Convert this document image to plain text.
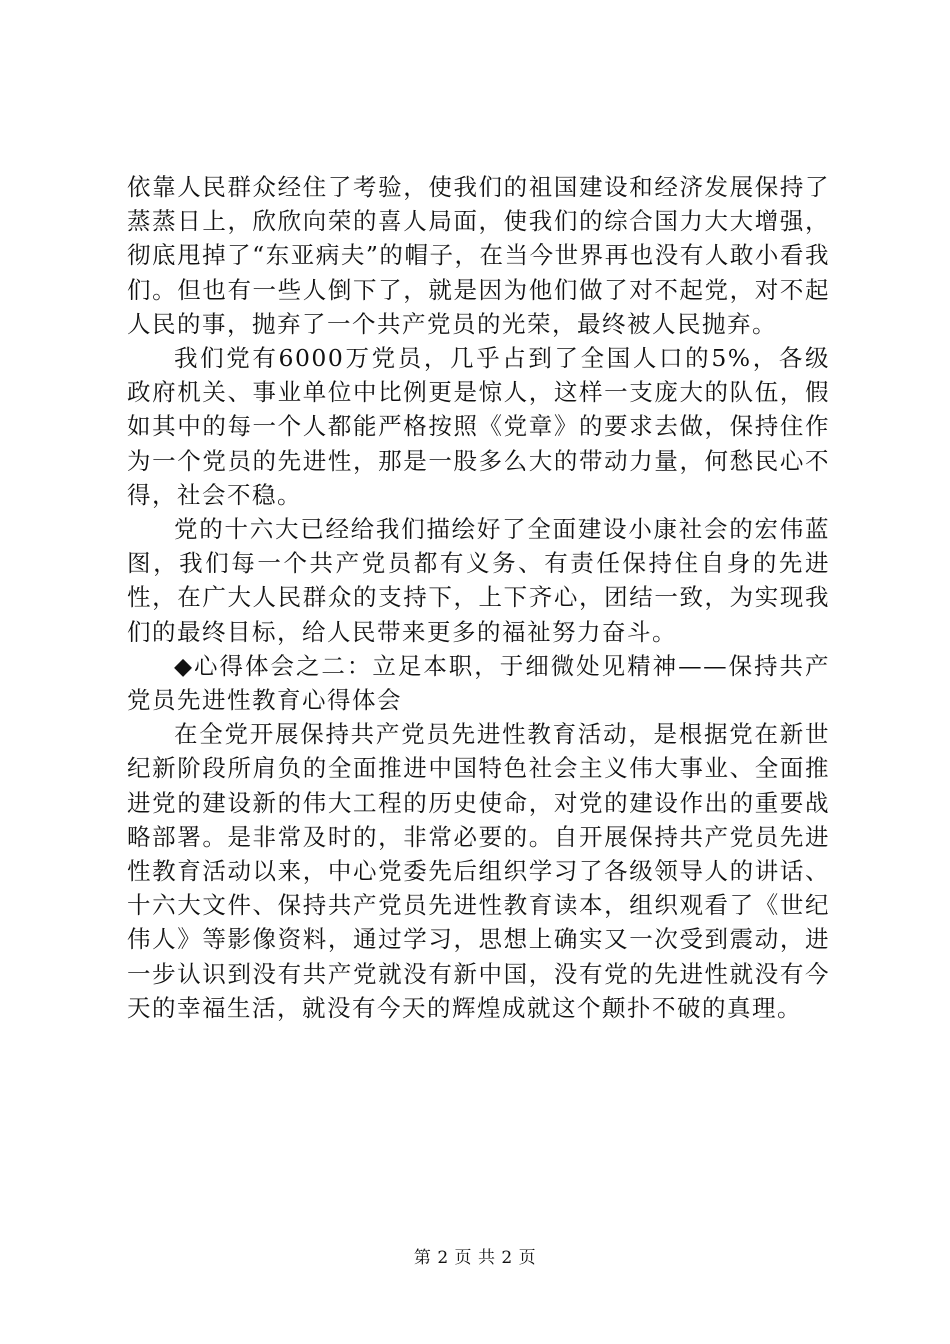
依靠人民群众经住了考验，使我们的祖国建设和经济发展保持了蒸蒸日上，欣欣向荣的喜人局面，使我们的综合国力大大增强，彻底甩掉了“东亚病夫”的帽子，在当今世界再也没有人敢小看我们。但也有一些人倒下了，就是因为他们做了对不起党，对不起人民的事，抛弃了一个共产党员的光荣，最终被人民抛弃。

我们党有6000万党员，几乎占到了全国人口的5%，各级政府机关、事业单位中比例更是惊人，这样一支庞大的队伍，假如其中的每一个人都能严格按照《党章》的要求去做，保持住作为一个党员的先进性，那是一股多么大的带动力量，何愁民心不得，社会不稳。

党的十六大已经给我们描绘好了全面建设小康社会的宏伟蓝图，我们每一个共产党员都有义务、有责任保持住自身的先进性，在广大人民群众的支持下，上下齐心，团结一致，为实现我们的最终目标，给人民带来更多的福祉努力奋斗。

◆心得体会之二：立足本职，于细微处见精神——保持共产党员先进性教育心得体会

在全党开展保持共产党员先进性教育活动，是根据党在新世纪新阶段所肩负的全面推进中国特色社会主义伟大事业、全面推进党的建设新的伟大工程的历史使命，对党的建设作出的重要战略部署。是非常及时的，非常必要的。自开展保持共产党员先进性教育活动以来，中心党委先后组织学习了各级领导人的讲话、十六大文件、保持共产党员先进性教育读本，组织观看了《世纪伟人》等影像资料，通过学习，思想上确实又一次受到震动，进一步认识到没有共产党就没有新中国，没有党的先进性就没有今天的幸福生活，就没有今天的辉煌成就这个颠扑不破的真理。

第 2 页 共 2 页
